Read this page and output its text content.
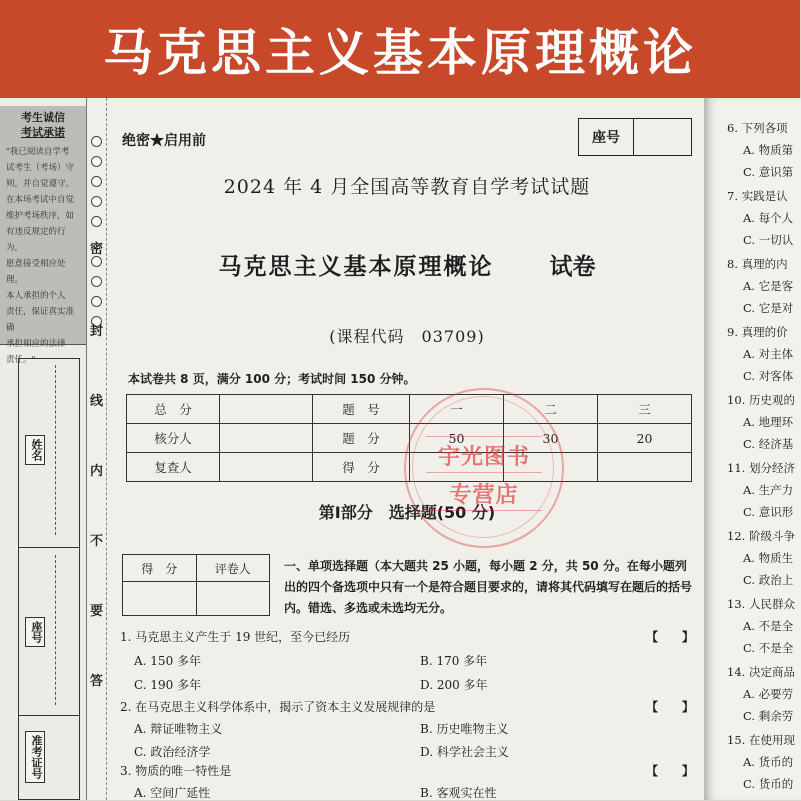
马克思主义基本原理概论
考生诚信
考试承诺
"我已阅读自学考
试考生（考场）守
则，并自觉遵守。
在本场考试中自觉
维护考场秩序，如
有违反规定的行为，
愿意接受相应处理。
本人承担的个人
责任，保证真实准确
承担相应的法律
责任。"
姓名
座号
准考证号
密
封
线
内
不
要
答
绝密★启用前	座号
2024 年 4 月全国高等教育自学考试试题
马克思主义基本原理概论 试卷
(课程代码　03709)
本试卷共 8 页，满分 100 分；考试时间 150 分钟。
总　分		题　号	一	二	三
核分人		题　分	50	30	20
复查人		得　分			
第Ⅰ部分　选择题(50 分)
得　分	评卷人
		一、单项选择题（本大题共 25 小题，每小题 2 分，共 50 分。在每小题列出的四个备选项中只有一个是符合题目要求的，请将其代码填写在题后的括号内。错选、多选或未选均无分。
1. 马克思主义产生于 19 世纪，至今已经历	【　　】
A. 150 多年	B. 170 多年
C. 190 多年	D. 200 多年
2. 在马克思主义科学体系中，揭示了资本主义发展规律的是	【　　】
A. 辩证唯物主义	B. 历史唯物主义
C. 政治经济学	D. 科学社会主义
3. 物质的唯一特性是	【　　】
A. 空间广延性	B. 客观实在性
宇光图书
专营店
6. 下列各项
A. 物质第
C. 意识第
7. 实践是认
A. 每个人
C. 一切认
8. 真理的内
A. 它是客
C. 它是对
9. 真理的价
A. 对主体
C. 对客体
10. 历史观的
A. 地理环
C. 经济基
11. 划分经济
A. 生产力
C. 意识形
12. 阶级斗争
A. 物质生
C. 政治上
13. 人民群众
A. 不是全
C. 不是全
14. 决定商品
A. 必要劳
C. 剩余劳
15. 在使用现
A. 货币的
C. 货币的
